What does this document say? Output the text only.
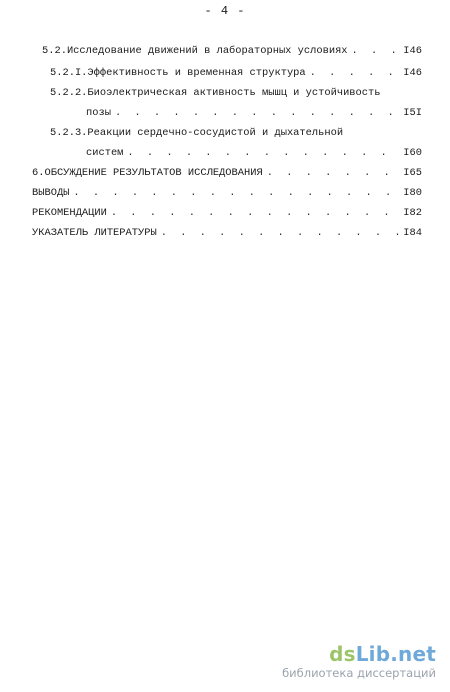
- 4 -
5.2.Исследование движений в лабораторных условиях . . .	I46
5.2.I.Эффективность и временная структура . . .	I46
5.2.2.Биоэлектрическая активность мышц и устойчивость
позы . . .	I5I
5.2.3.Реакции сердечно-сосудистой и дыхательной
систем . . .	I60
6.ОБСУЖДЕНИЕ РЕЗУЛЬТАТОВ ИССЛЕДОВАНИЯ . . .	I65
ВЫВОДЫ . . .	I80
РЕКОМЕНДАЦИИ . . .	I82
УКАЗАТЕЛЬ ЛИТЕРАТУРЫ . . .	I84
dsLib.net
библиотека диссертаций
